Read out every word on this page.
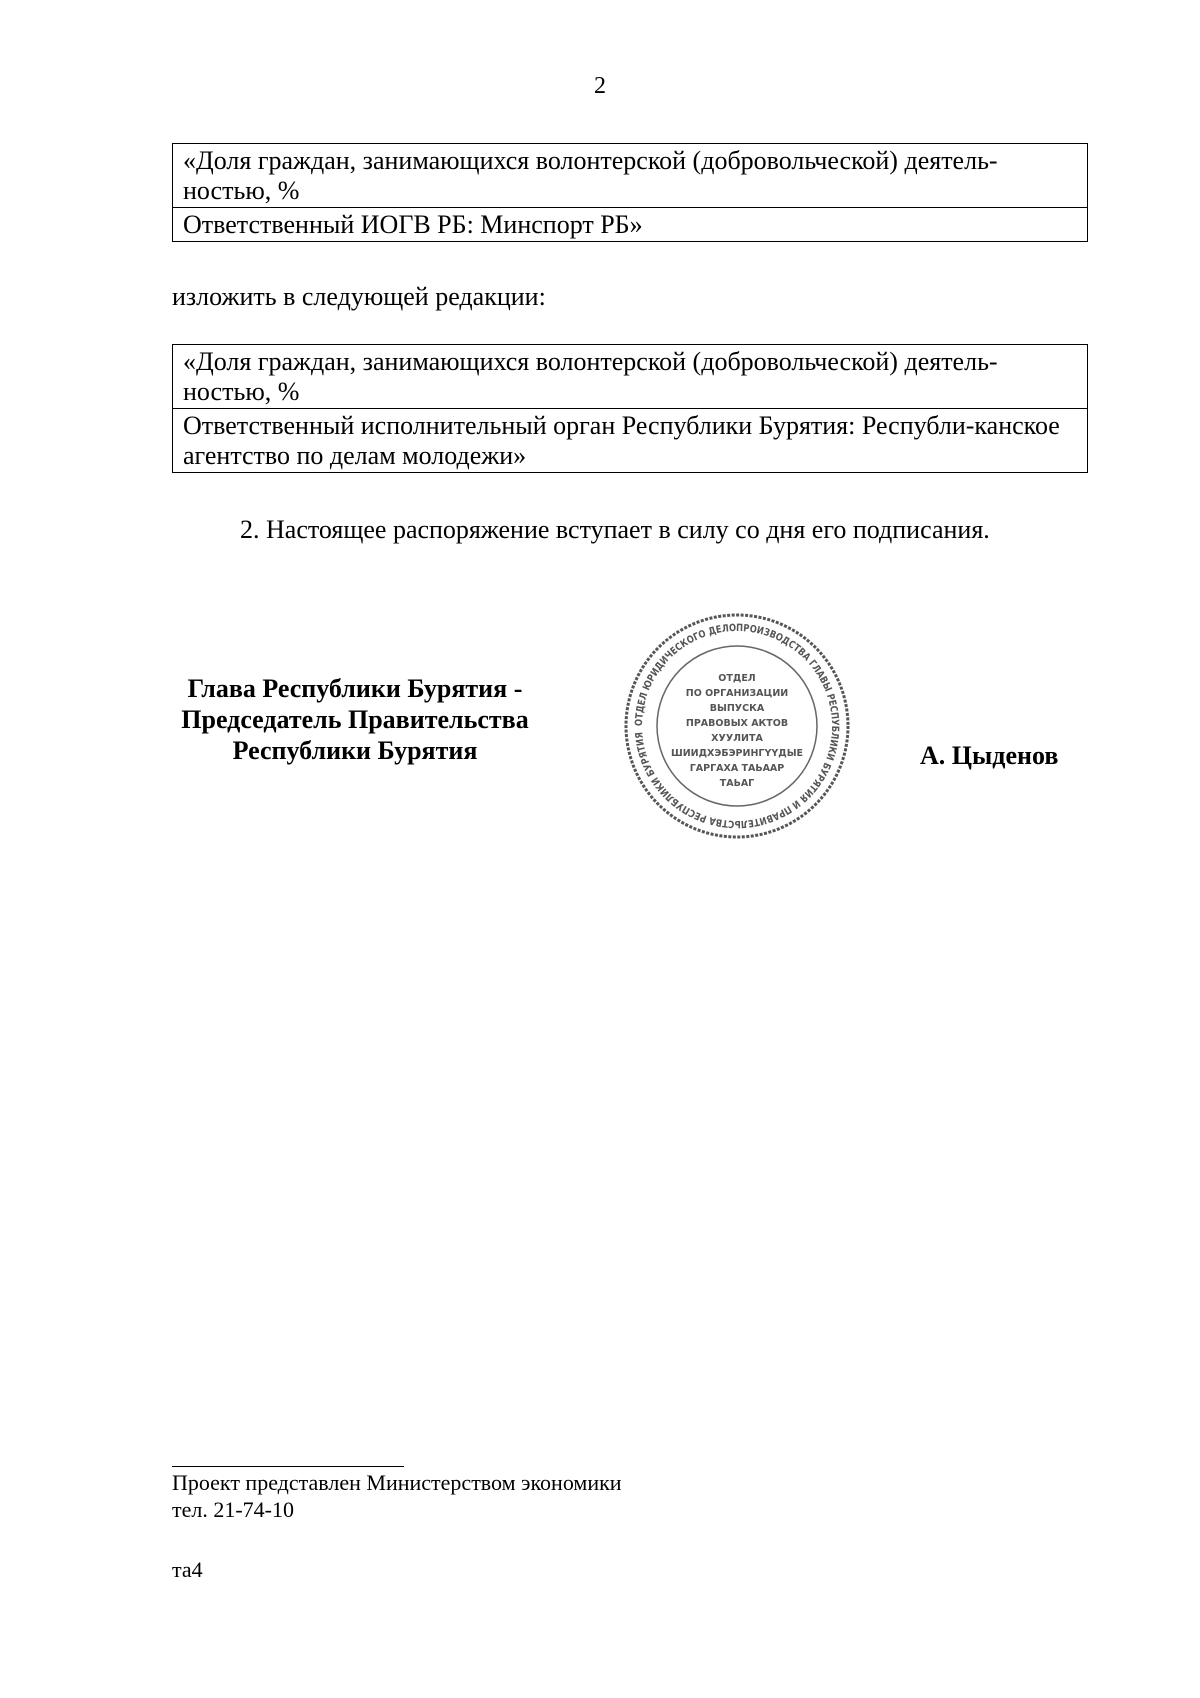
2
«Доля граждан, занимающихся волонтерской (добровольческой) деятель-ностью, %
Ответственный ИОГВ РБ: Минспорт РБ»
изложить в следующей редакции:
«Доля граждан, занимающихся волонтерской (добровольческой) деятель-ностью, %
Ответственный исполнительный орган Республики Бурятия: Республи-канское агентство по делам молодежи»
2. Настоящее распоряжение вступает в силу со дня его подписания.
Глава Республики Бурятия -
Председатель Правительства
Республики Бурятия
ОТДЕЛ ЮРИДИЧЕСКОГО ДЕЛОПРОИЗВОДСТВА ГЛАВЫ РЕСПУБЛИКИ БУРЯТИЯ И ПРАВИТЕЛЬСТВА РЕСПУБЛИКИ БУРЯТИЯ
ОТДЕЛ
ПО ОРГАНИЗАЦИИ
ВЫПУСКА
ПРАВОВЫХ АКТОВ
ХУУЛИТА
ШИИДХЭБЭРИНГҮҮДЫЕ
ГАРГАХА ТАЬААР
ТАЬАГ
А. Цыденов
Проект представлен Министерством экономики
тел. 21-74-10
та4
